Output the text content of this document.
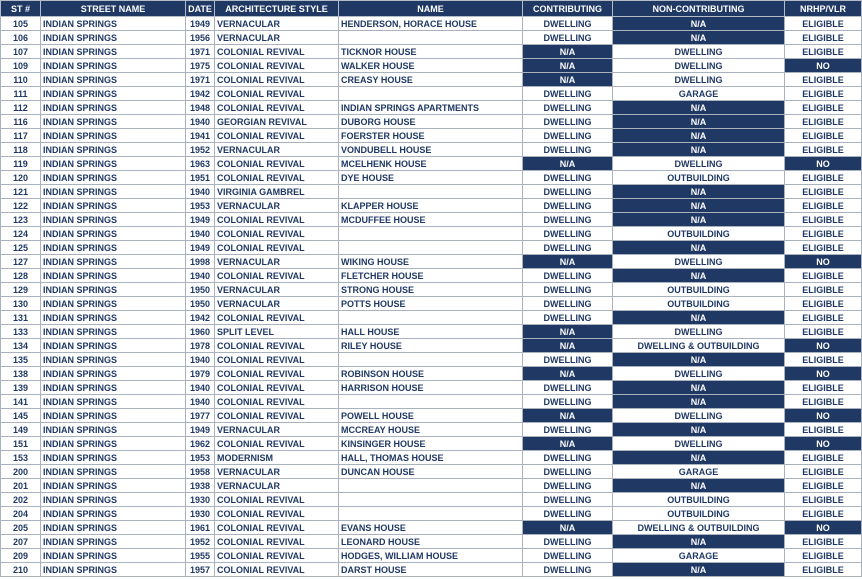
ST #	STREET NAME	DATE	ARCHITECTURE STYLE	NAME	CONTRIBUTING	NON-CONTRIBUTING	NRHP/VLR
105	INDIAN SPRINGS	1949	VERNACULAR	HENDERSON, HORACE HOUSE	DWELLING	N/A	ELIGIBLE
106	INDIAN SPRINGS	1956	VERNACULAR		DWELLING	N/A	ELIGIBLE
107	INDIAN SPRINGS	1971	COLONIAL REVIVAL	TICKNOR HOUSE	N/A	DWELLING	ELIGIBLE
109	INDIAN SPRINGS	1975	COLONIAL REVIVAL	WALKER HOUSE	N/A	DWELLING	NO
110	INDIAN SPRINGS	1971	COLONIAL REVIVAL	CREASY HOUSE	N/A	DWELLING	ELIGIBLE
111	INDIAN SPRINGS	1942	COLONIAL REVIVAL		DWELLING	GARAGE	ELIGIBLE
112	INDIAN SPRINGS	1948	COLONIAL REVIVAL	INDIAN SPRINGS APARTMENTS	DWELLING	N/A	ELIGIBLE
116	INDIAN SPRINGS	1940	GEORGIAN REVIVAL	DUBORG HOUSE	DWELLING	N/A	ELIGIBLE
117	INDIAN SPRINGS	1941	COLONIAL REVIVAL	FOERSTER HOUSE	DWELLING	N/A	ELIGIBLE
118	INDIAN SPRINGS	1952	VERNACULAR	VONDUBELL HOUSE	DWELLING	N/A	ELIGIBLE
119	INDIAN SPRINGS	1963	COLONIAL REVIVAL	MCELHENK HOUSE	N/A	DWELLING	NO
120	INDIAN SPRINGS	1951	COLONIAL REVIVAL	DYE HOUSE	DWELLING	OUTBUILDING	ELIGIBLE
121	INDIAN SPRINGS	1940	VIRGINIA GAMBREL		DWELLING	N/A	ELIGIBLE
122	INDIAN SPRINGS	1953	VERNACULAR	KLAPPER HOUSE	DWELLING	N/A	ELIGIBLE
123	INDIAN SPRINGS	1949	COLONIAL REVIVAL	MCDUFFEE HOUSE	DWELLING	N/A	ELIGIBLE
124	INDIAN SPRINGS	1940	COLONIAL REVIVAL		DWELLING	OUTBUILDING	ELIGIBLE
125	INDIAN SPRINGS	1949	COLONIAL REVIVAL		DWELLING	N/A	ELIGIBLE
127	INDIAN SPRINGS	1998	VERNACULAR	WIKING HOUSE	N/A	DWELLING	NO
128	INDIAN SPRINGS	1940	COLONIAL REVIVAL	FLETCHER HOUSE	DWELLING	N/A	ELIGIBLE
129	INDIAN SPRINGS	1950	VERNACULAR	STRONG HOUSE	DWELLING	OUTBUILDING	ELIGIBLE
130	INDIAN SPRINGS	1950	VERNACULAR	POTTS HOUSE	DWELLING	OUTBUILDING	ELIGIBLE
131	INDIAN SPRINGS	1942	COLONIAL REVIVAL		DWELLING	N/A	ELIGIBLE
133	INDIAN SPRINGS	1960	SPLIT LEVEL	HALL HOUSE	N/A	DWELLING	ELIGIBLE
134	INDIAN SPRINGS	1978	COLONIAL REVIVAL	RILEY HOUSE	N/A	DWELLING & OUTBUILDING	NO
135	INDIAN SPRINGS	1940	COLONIAL REVIVAL		DWELLING	N/A	ELIGIBLE
138	INDIAN SPRINGS	1979	COLONIAL REVIVAL	ROBINSON HOUSE	N/A	DWELLING	NO
139	INDIAN SPRINGS	1940	COLONIAL REVIVAL	HARRISON HOUSE	DWELLING	N/A	ELIGIBLE
141	INDIAN SPRINGS	1940	COLONIAL REVIVAL		DWELLING	N/A	ELIGIBLE
145	INDIAN SPRINGS	1977	COLONIAL REVIVAL	POWELL HOUSE	N/A	DWELLING	NO
149	INDIAN SPRINGS	1949	VERNACULAR	MCCREAY HOUSE	DWELLING	N/A	ELIGIBLE
151	INDIAN SPRINGS	1962	COLONIAL REVIVAL	KINSINGER HOUSE	N/A	DWELLING	NO
153	INDIAN SPRINGS	1953	MODERNISM	HALL, THOMAS HOUSE	DWELLING	N/A	ELIGIBLE
200	INDIAN SPRINGS	1958	VERNACULAR	DUNCAN HOUSE	DWELLING	GARAGE	ELIGIBLE
201	INDIAN SPRINGS	1938	VERNACULAR		DWELLING	N/A	ELIGIBLE
202	INDIAN SPRINGS	1930	COLONIAL REVIVAL		DWELLING	OUTBUILDING	ELIGIBLE
204	INDIAN SPRINGS	1930	COLONIAL REVIVAL		DWELLING	OUTBUILDING	ELIGIBLE
205	INDIAN SPRINGS	1961	COLONIAL REVIVAL	EVANS HOUSE	N/A	DWELLING & OUTBUILDING	NO
207	INDIAN SPRINGS	1952	COLONIAL REVIVAL	LEONARD HOUSE	DWELLING	N/A	ELIGIBLE
209	INDIAN SPRINGS	1955	COLONIAL REVIVAL	HODGES, WILLIAM HOUSE	DWELLING	GARAGE	ELIGIBLE
210	INDIAN SPRINGS	1957	COLONIAL REVIVAL	DARST HOUSE	DWELLING	N/A	ELIGIBLE
